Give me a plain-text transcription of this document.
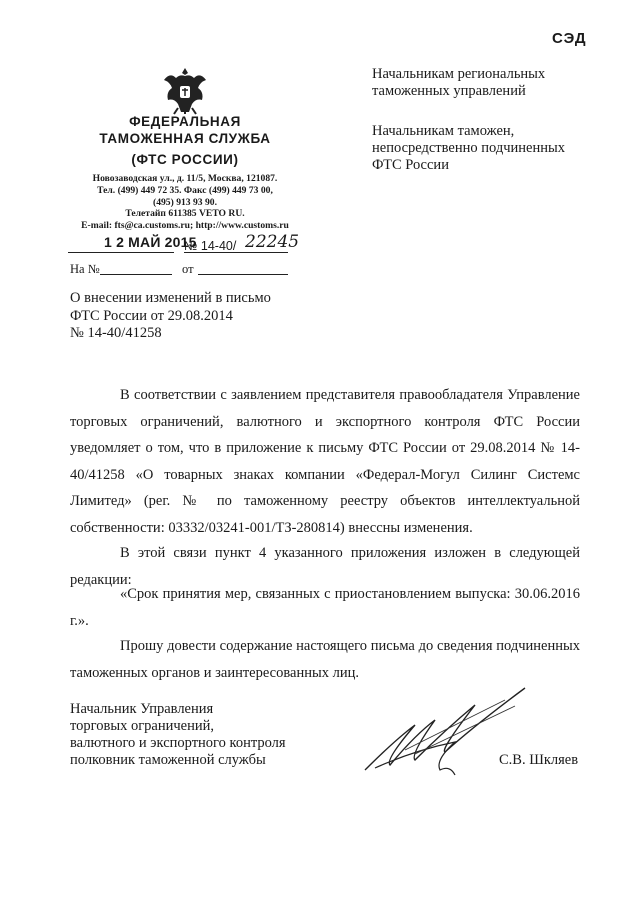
СЭД
ФЕДЕРАЛЬНАЯ
ТАМОЖЕННАЯ СЛУЖБА
(ФТС РОССИИ)
Новозаводская ул., д. 11/5, Москва, 121087.
Тел. (499) 449 72 35. Факс (499) 449 73 00,
(495) 913 93 90.
Телетайп 611385 VETO RU.
E-mail: fts@ca.customs.ru; http://www.customs.ru
Начальникам региональных
таможенных управлений
Начальникам таможен,
непосредственно подчиненных
ФТС России
1 2 МАЙ 2015
№ 14-40/ 22245
На №	от
О внесении изменений в письмо
ФТС России от 29.08.2014
№ 14-40/41258
В соответствии с заявлением представителя правообладателя Управление торговых ограничений, валютного и экспортного контроля ФТС России уведомляет о том, что в приложение к письму ФТС России от 29.08.2014 № 14-40/41258 «О товарных знаках компании «Федерал-Могул Силинг Системс Лимитед» (рег. № по таможенному реестру объектов интеллектуальной собственности: 03332/03241-001/ТЗ-280814) внессны изменения.
В этой связи пункт 4 указанного приложения изложен в следующей редакции:
«Срок принятия мер, связанных с приостановлением выпуска: 30.06.2016 г.».
Прошу довести содержание настоящего письма до сведения подчиненных таможенных органов и заинтересованных лиц.
Начальник Управления
торговых ограничений,
валютного и экспортного контроля
полковник таможенной службы	С.В. Шкляев
